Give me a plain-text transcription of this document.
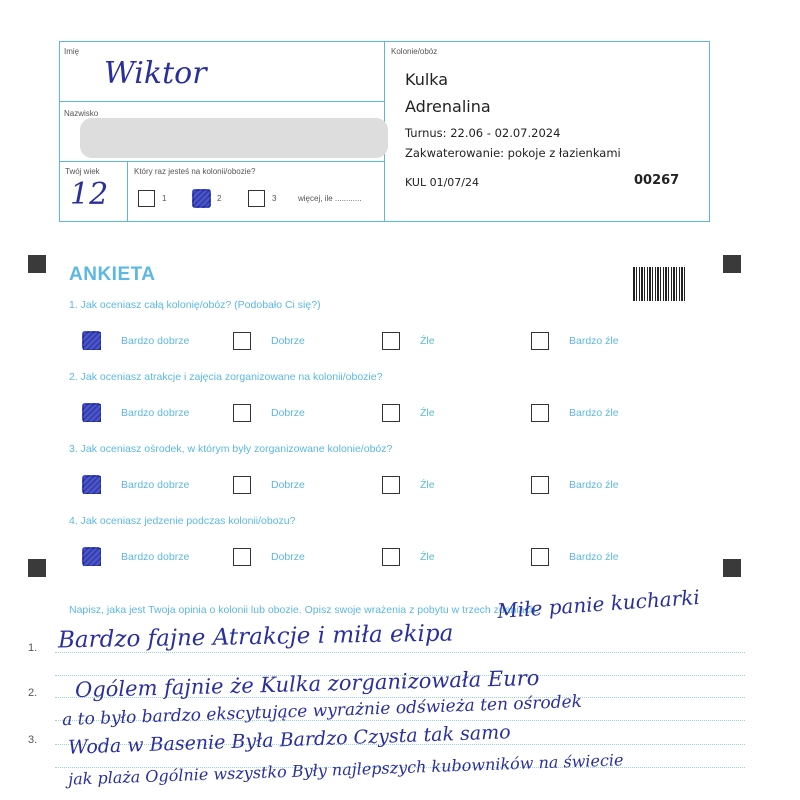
Imię
Wiktor
Nazwisko
Twój wiek
12
Który raz jesteś na kolonii/obozie?
1	2	3	więcej, ile ............
Kolonie/obóz
Kulka
Adrenalina
Turnus: 22.06 - 02.07.2024
Zakwaterowanie: pokoje z łazienkami
KUL 01/07/24	00267
ANKIETA
1. Jak oceniasz całą kolonię/obóz? (Podobało Ci się?)
Bardzo dobrze	Dobrze	Źle	Bardzo źle
2. Jak oceniasz atrakcje i zajęcia zorganizowane na kolonii/obozie?
Bardzo dobrze	Dobrze	Źle	Bardzo źle
3. Jak oceniasz ośrodek, w którym były zorganizowane kolonie/obóz?
Bardzo dobrze	Dobrze	Źle	Bardzo źle
4. Jak oceniasz jedzenie podczas kolonii/obozu?
Bardzo dobrze	Dobrze	Źle	Bardzo źle
Napisz, jaka jest Twoja opinia o kolonii lub obozie. Opisz swoje wrażenia z pobytu w trzech zdaniach.
1.
2.
3.
Miłe panie kucharki
Bardzo fajne Atrakcje i miła ekipa
Ogólem fajnie że Kulka zorganizowała Euro
a to było bardzo ekscytujące wyrażnie odświeża ten ośrodek
Woda w Basenie Była Bardzo Czysta tak samo
jak plaża Ogólnie wszystko Były najlepszych kubowników na świecie
